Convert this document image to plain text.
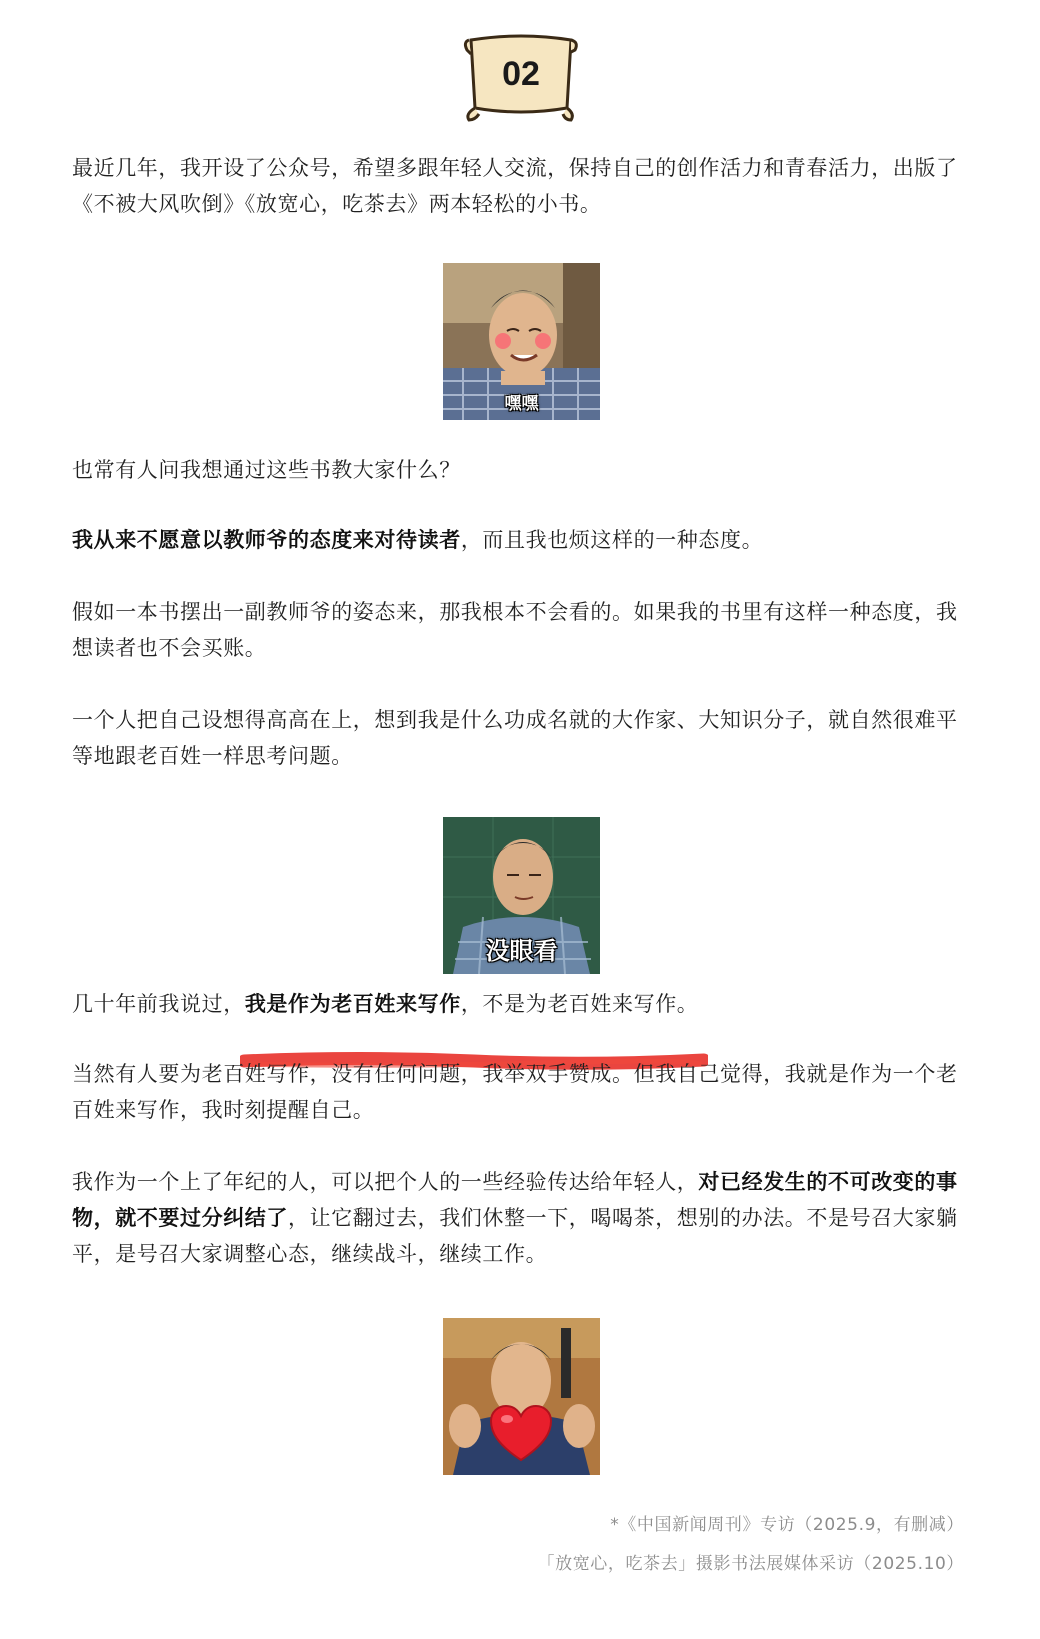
02

最近几年，我开设了公众号，希望多跟年轻人交流，保持自己的创作活力和青春活力，出版了《不被大风吹倒》《放宽心，吃茶去》两本轻松的小书。

嘿嘿

也常有人问我想通过这些书教大家什么？

我从来不愿意以教师爷的态度来对待读者，而且我也烦这样的一种态度。

假如一本书摆出一副教师爷的姿态来，那我根本不会看的。如果我的书里有这样一种态度，我想读者也不会买账。

一个人把自己设想得高高在上，想到我是什么功成名就的大作家、大知识分子，就自然很难平等地跟老百姓一样思考问题。

没眼看

几十年前我说过，我是作为老百姓来写作，不是为老百姓来写作。

当然有人要为老百姓写作，没有任何问题，我举双手赞成。但我自己觉得，我就是作为一个老百姓来写作，我时刻提醒自己。

我作为一个上了年纪的人，可以把个人的一些经验传达给年轻人，对已经发生的不可改变的事物，就不要过分纠结了，让它翻过去，我们休整一下，喝喝茶，想别的办法。不是号召大家躺平，是号召大家调整心态，继续战斗，继续工作。

*《中国新闻周刊》专访（2025.9，有删减）
「放宽心，吃茶去」摄影书法展媒体采访（2025.10）
